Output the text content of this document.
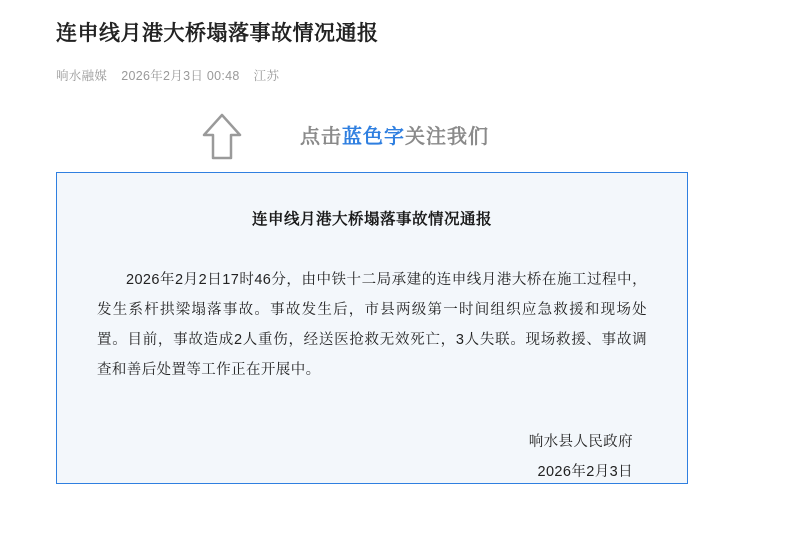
连申线月港大桥塌落事故情况通报
响水融媒 2026年2月3日 00:48 江苏
点击蓝色字关注我们
连申线月港大桥塌落事故情况通报

2026年2月2日17时46分，由中铁十二局承建的连申线月港大桥在施工过程中，发生系杆拱梁塌落事故。事故发生后，市县两级第一时间组织应急救援和现场处置。目前，事故造成2人重伤，经送医抢救无效死亡，3人失联。现场救援、事故调查和善后处置等工作正在开展中。

响水县人民政府
2026年2月3日
